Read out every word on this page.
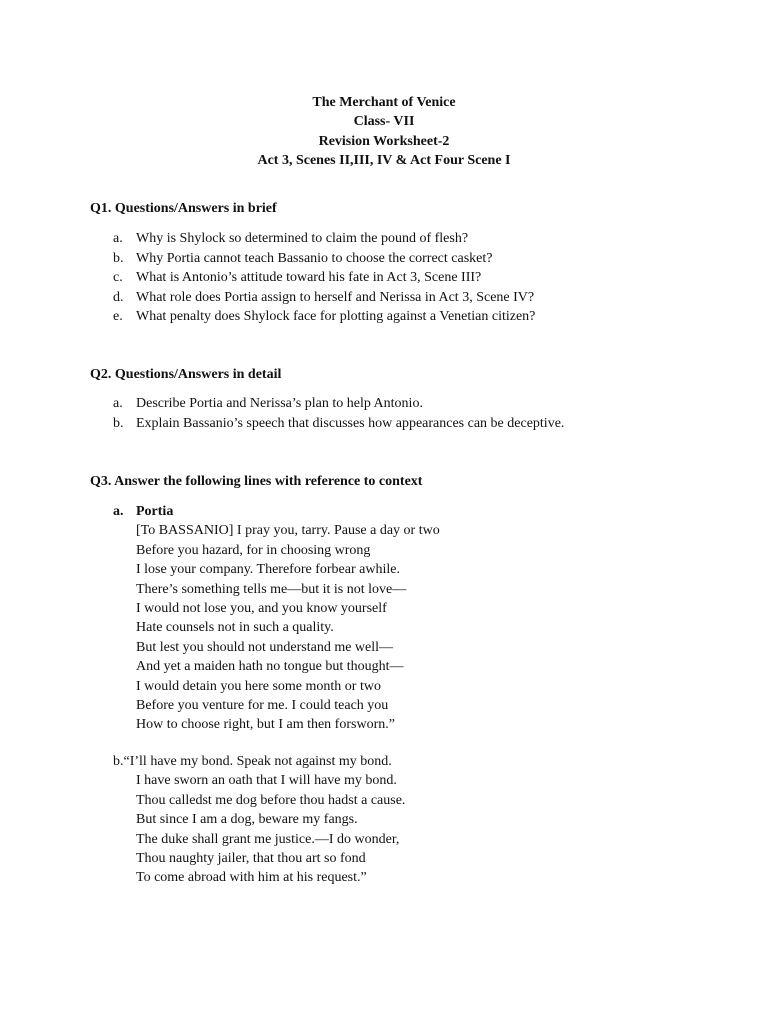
The Merchant of Venice
Class- VII
Revision Worksheet-2
Act 3, Scenes II,III, IV & Act Four Scene I
Q1. Questions/Answers in brief
a. Why is Shylock so determined to claim the pound of flesh?
b. Why Portia cannot teach Bassanio to choose the correct casket?
c. What is Antonio’s attitude toward his fate in Act 3, Scene III?
d. What role does Portia assign to herself and Nerissa in Act 3, Scene IV?
e. What penalty does Shylock face for plotting against a Venetian citizen?
Q2. Questions/Answers in detail
a. Describe Portia and Nerissa’s plan to help Antonio.
b. Explain Bassanio’s speech that discusses how appearances can be deceptive.
Q3. Answer the following lines with reference to context
a. Portia
[To BASSANIO] I pray you, tarry. Pause a day or two
Before you hazard, for in choosing wrong
I lose your company. Therefore forbear awhile.
There’s something tells me—but it is not love—
I would not lose you, and you know yourself
Hate counsels not in such a quality.
But lest you should not understand me well—
And yet a maiden hath no tongue but thought—
I would detain you here some month or two
Before you venture for me. I could teach you
How to choose right, but I am then forsworn.”
b.“I’ll have my bond. Speak not against my bond.
I have sworn an oath that I will have my bond.
Thou calledst me dog before thou hadst a cause.
But since I am a dog, beware my fangs.
The duke shall grant me justice.—I do wonder,
Thou naughty jailer, that thou art so fond
To come abroad with him at his request.”
